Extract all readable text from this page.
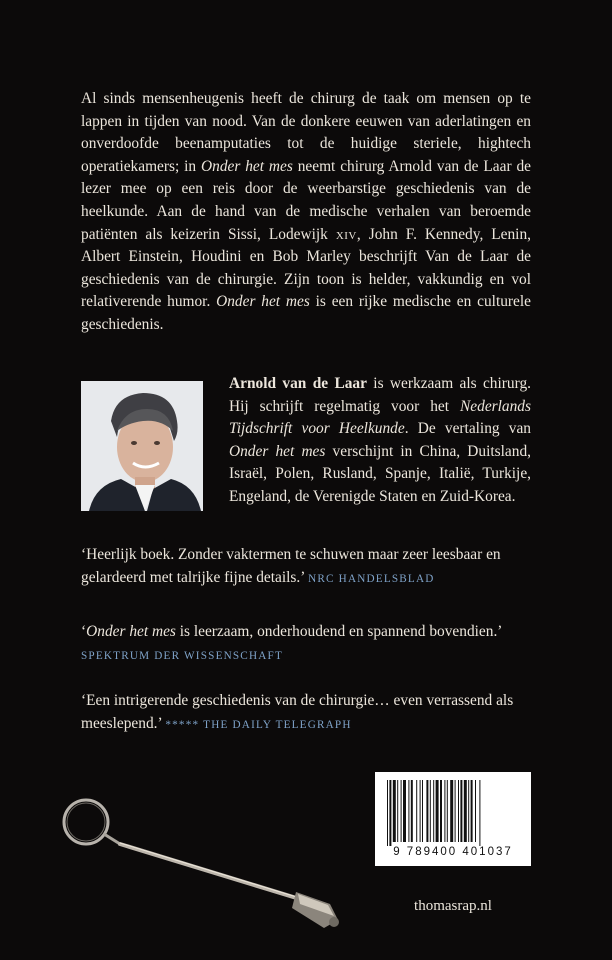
Al sinds mensenheugenis heeft de chirurg de taak om mensen op te lappen in tijden van nood. Van de donkere eeuwen van aderlatingen en onverdoofde beenamputaties tot de huidige steriele, hightech operatiekamers; in Onder het mes neemt chirurg Arnold van de Laar de lezer mee op een reis door de weerbarstige geschiedenis van de heelkunde. Aan de hand van de medische verhalen van beroemde patiënten als keizerin Sissi, Lodewijk xiv, John F. Kennedy, Lenin, Albert Einstein, Houdini en Bob Marley beschrijft Van de Laar de geschiedenis van de chirurgie. Zijn toon is helder, vakkundig en vol relativerende humor. Onder het mes is een rijke medische en culturele geschiedenis.

Arnold van de Laar is werkzaam als chirurg. Hij schrijft regelmatig voor het Nederlands Tijdschrift voor Heelkunde. De vertaling van Onder het mes verschijnt in China, Duitsland, Israël, Polen, Rusland, Spanje, Italië, Turkije, Engeland, de Verenigde Staten en Zuid-Korea.

‘Heerlijk boek. Zonder vaktermen te schuwen maar zeer leesbaar en gelardeerd met talrijke fijne details.’ NRC HANDELSBLAD

‘Onder het mes is leerzaam, onderhoudend en spannend bovendien.’ SPEKTRUM DER WISSENSCHAFT

‘Een intrigerende geschiedenis van de chirurgie… even verrassend als meeslepend.’ ***** THE DAILY TELEGRAPH

9 789400 401037
thomasrap.nl
